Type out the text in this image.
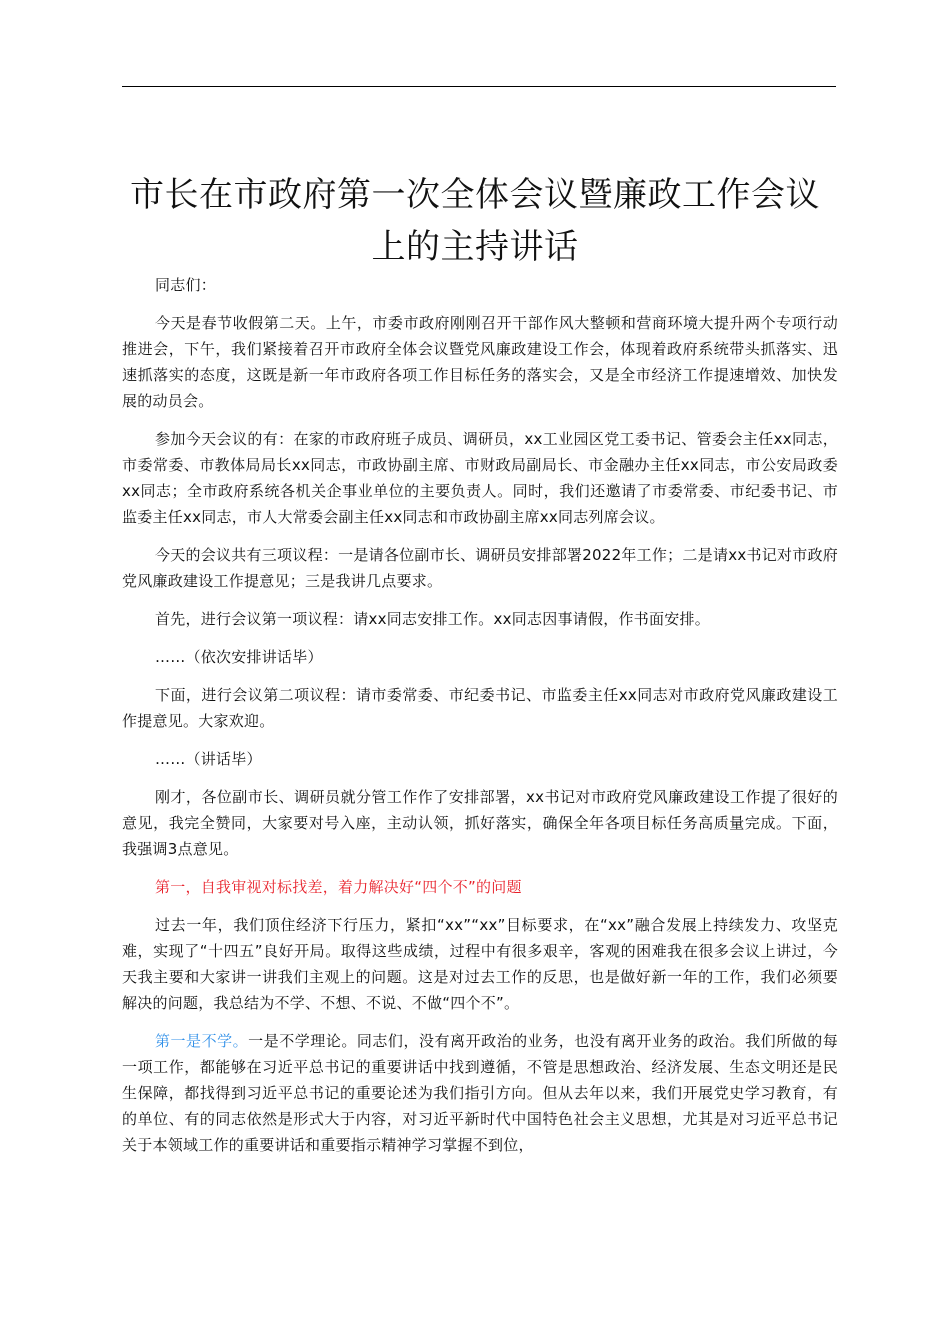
市长在市政府第一次全体会议暨廉政工作会议
上的主持讲话

同志们：

今天是春节收假第二天。上午，市委市政府刚刚召开干部作风大整顿和营商环境大提升两个专项行动推进会，下午，我们紧接着召开市政府全体会议暨党风廉政建设工作会，体现着政府系统带头抓落实、迅速抓落实的态度，这既是新一年市政府各项工作目标任务的落实会，又是全市经济工作提速增效、加快发展的动员会。

参加今天会议的有：在家的市政府班子成员、调研员，xx工业园区党工委书记、管委会主任xx同志，市委常委、市教体局局长xx同志，市政协副主席、市财政局副局长、市金融办主任xx同志，市公安局政委xx同志；全市政府系统各机关企事业单位的主要负责人。同时，我们还邀请了市委常委、市纪委书记、市监委主任xx同志，市人大常委会副主任xx同志和市政协副主席xx同志列席会议。

今天的会议共有三项议程：一是请各位副市长、调研员安排部署2022年工作；二是请xx书记对市政府党风廉政建设工作提意见；三是我讲几点要求。

首先，进行会议第一项议程：请xx同志安排工作。xx同志因事请假，作书面安排。

……（依次安排讲话毕）

下面，进行会议第二项议程：请市委常委、市纪委书记、市监委主任xx同志对市政府党风廉政建设工作提意见。大家欢迎。

……（讲话毕）

刚才，各位副市长、调研员就分管工作作了安排部署，xx书记对市政府党风廉政建设工作提了很好的意见，我完全赞同，大家要对号入座，主动认领，抓好落实，确保全年各项目标任务高质量完成。下面，我强调3点意见。

第一，自我审视对标找差，着力解决好“四个不”的问题

过去一年，我们顶住经济下行压力，紧扣“xx”“xx”目标要求，在“xx”融合发展上持续发力、攻坚克难，实现了“十四五”良好开局。取得这些成绩，过程中有很多艰辛，客观的困难我在很多会议上讲过，今天我主要和大家讲一讲我们主观上的问题。这是对过去工作的反思，也是做好新一年的工作，我们必须要解决的问题，我总结为不学、不想、不说、不做“四个不”。

第一是不学。一是不学理论。同志们，没有离开政治的业务，也没有离开业务的政治。我们所做的每一项工作，都能够在习近平总书记的重要讲话中找到遵循，不管是思想政治、经济发展、生态文明还是民生保障，都找得到习近平总书记的重要论述为我们指引方向。但从去年以来，我们开展党史学习教育，有的单位、有的同志依然是形式大于内容，对习近平新时代中国特色社会主义思想，尤其是对习近平总书记关于本领域工作的重要讲话和重要指示精神学习掌握不到位，
